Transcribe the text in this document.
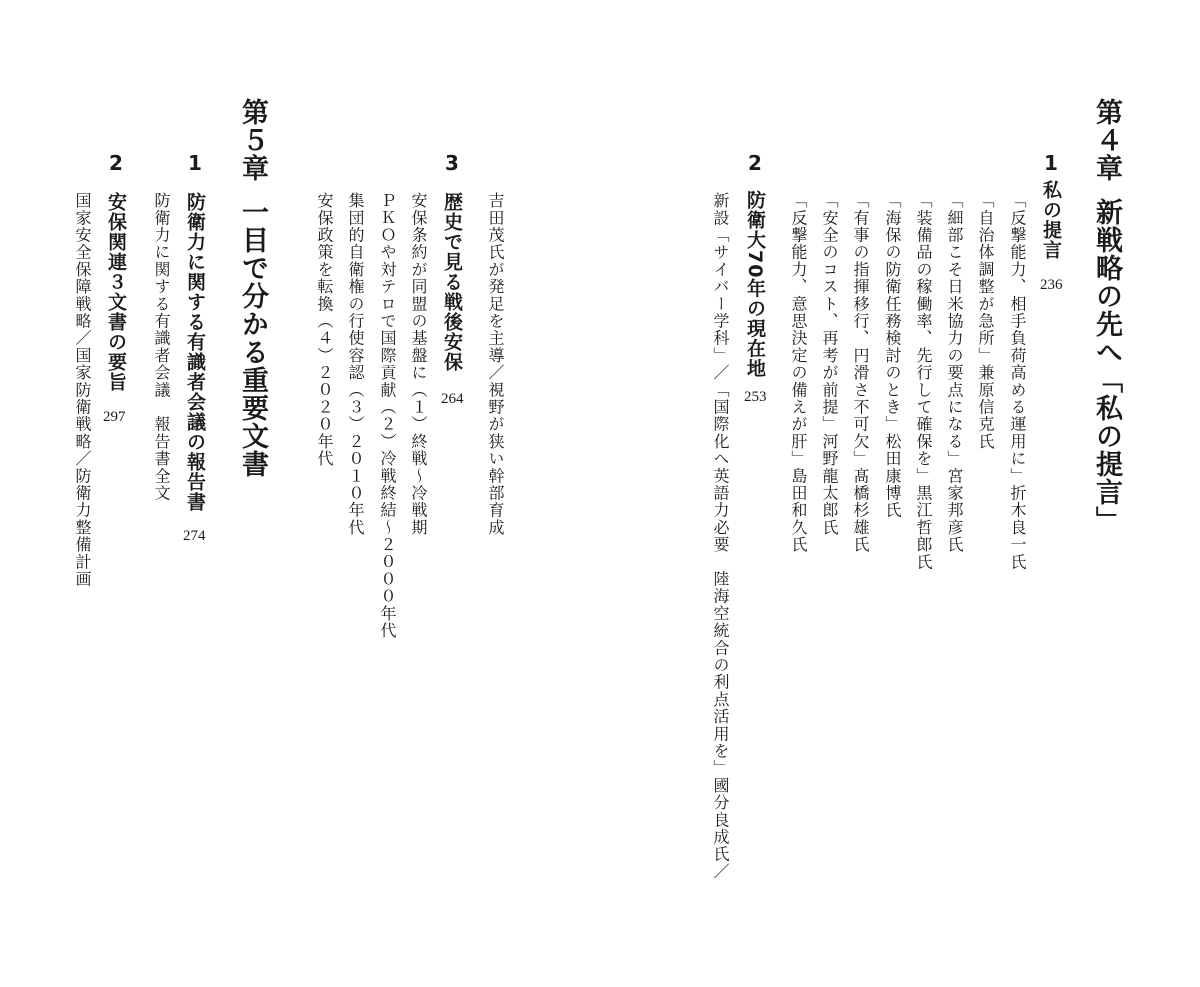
第４章新戦略の先へ「私の提言」
1
私の提言
236
「反撃能力、相手負荷高める運用に」折木良一氏
「自治体調整が急所」兼原信克氏
「細部こそ日米協力の要点になる」宮家邦彦氏
「装備品の稼働率、先行して確保を」黒江哲郎氏
「海保の防衛任務検討のとき」松田康博氏
「有事の指揮移行、円滑さ不可欠」髙橋杉雄氏
「安全のコスト、再考が前提」河野龍太郎氏
「反撃能力、意思決定の備えが肝」島田和久氏
2
防衛大70年の現在地
253
新設「サイバー学科」／「国際化へ英語力必要　陸海空統合の利点活用を」國分良成氏／
吉田茂氏が発足を主導／視野が狭い幹部育成
3
歴史で見る戦後安保
264
安保条約が同盟の基盤に（１）終戦〜冷戦期
ＰＫＯや対テロで国際貢献（２）冷戦終結〜２０００年代
集団的自衛権の行使容認（３）２０１０年代
安保政策を転換（４）２０２０年代
第５章一目で分かる重要文書
1
防衛力に関する有識者会議の報告書
274
防衛力に関する有識者会議　報告書全文
2
安保関連３文書の要旨
297
国家安全保障戦略／国家防衛戦略／防衛力整備計画
